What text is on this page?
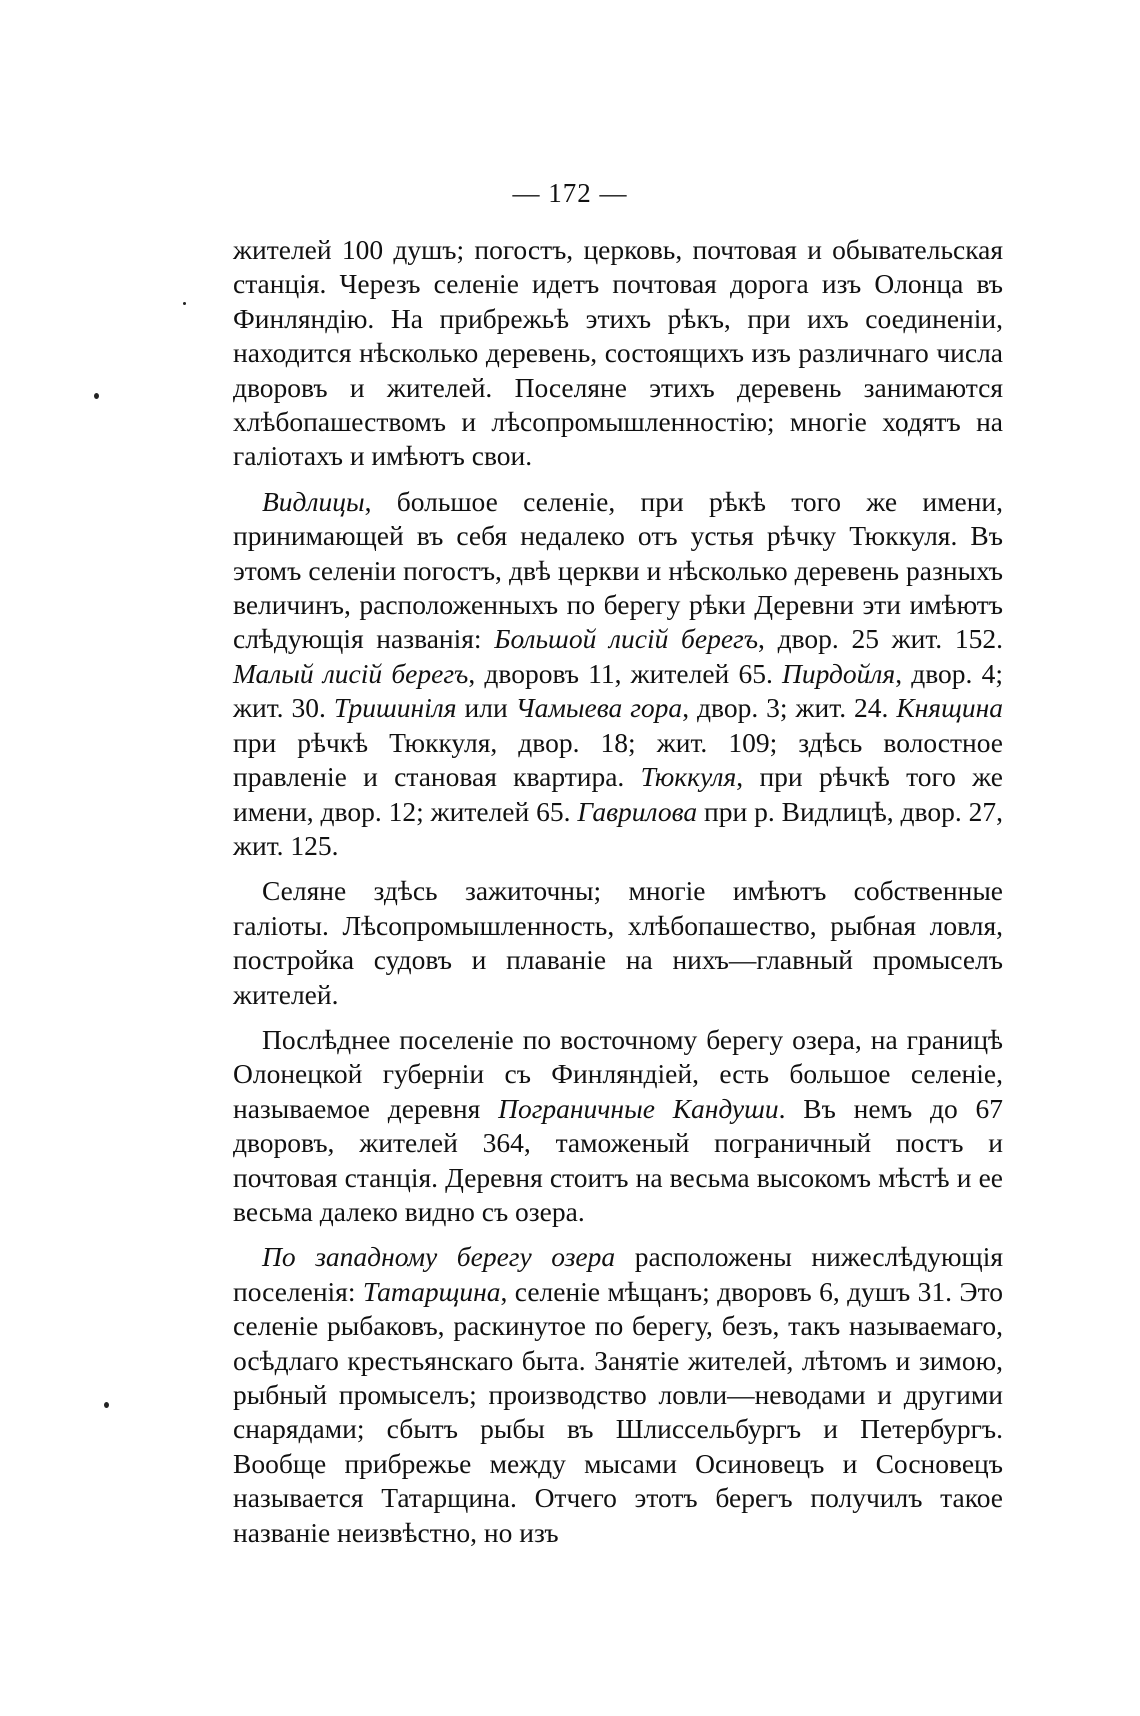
— 172 —

жителей 100 душъ; погостъ, церковь, почтовая и обывательская станція. Черезъ селеніе идетъ почтовая дорога изъ Олонца въ Финляндію. На прибрежьѣ этихъ рѣкъ, при ихъ соединеніи, находится нѣсколько деревень, состоящихъ изъ различнаго числа дворовъ и жителей. Поселяне этихъ деревень занимаются хлѣбопашествомъ и лѣсопромышленностію; многіе ходятъ на галіотахъ и имѣютъ свои.

Видлицы, большое селеніе, при рѣкѣ того же имени, принимающей въ себя недалеко отъ устья рѣчку Тюккуля. Въ этомъ селеніи погостъ, двѣ церкви и нѣсколько деревень разныхъ величинъ, расположенныхъ по берегу рѣки Деревни эти имѣютъ слѣдующія названія: Большой лисій берегъ, двор. 25 жит. 152. Малый лисій берегъ, дворовъ 11, жителей 65. Пирдойля, двор. 4; жит. 30. Тришиніля или Чамыева гора, двор. 3; жит. 24. Княщина при рѣчкѣ Тюккуля, двор. 18; жит. 109; здѣсь волостное правленіе и становая квартира. Тюккуля, при рѣчкѣ того же имени, двор. 12; жителей 65. Гаврилова при р. Видлицѣ, двор. 27, жит. 125.

Селяне здѣсь зажиточны; многіе имѣютъ собственные галіоты. Лѣсопромышленность, хлѣбопашество, рыбная ловля, постройка судовъ и плаваніе на нихъ—главный промыселъ жителей.

Послѣднее поселеніе по восточному берегу озера, на границѣ Олонецкой губерніи съ Финляндіей, есть большое селеніе, называемое деревня Пограничные Кандуши. Въ немъ до 67 дворовъ, жителей 364, таможеный пограничный постъ и почтовая станція. Деревня стоитъ на весьма высокомъ мѣстѣ и ее весьма далеко видно съ озера.

По западному берегу озера расположены нижеслѣдующія поселенія: Татарщина, селеніе мѣщанъ; дворовъ 6, душъ 31. Это селеніе рыбаковъ, раскинутое по берегу, безъ, такъ называемаго, осѣдлаго крестьянскаго быта. Занятіе жителей, лѣтомъ и зимою, рыбный промыселъ; производство ловли—неводами и другими снарядами; сбытъ рыбы въ Шлиссельбургъ и Петербургъ. Вообще прибрежье между мысами Осиновецъ и Сосновецъ называется Татарщина. Отчего этотъ берегъ получилъ такое названіе неизвѣстно, но изъ
